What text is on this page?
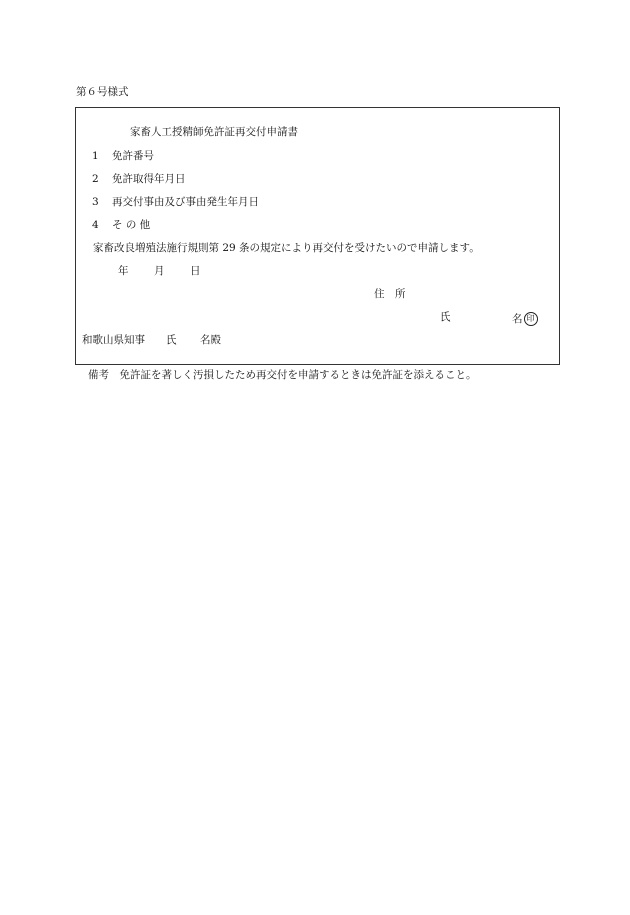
第６号様式
家畜人工授精師免許証再交付申請書
1 免許番号
2 免許取得年月日
3 再交付事由及び事由発生年月日
4 そ の 他
家畜改良増殖法施行規則第 29 条の規定により再交付を受けたいので申請します。
年 月 日
住　所
氏	名 印
和歌山県知事 氏 名殿
備考　免許証を著しく汚損したため再交付を申請するときは免許証を添えること。
